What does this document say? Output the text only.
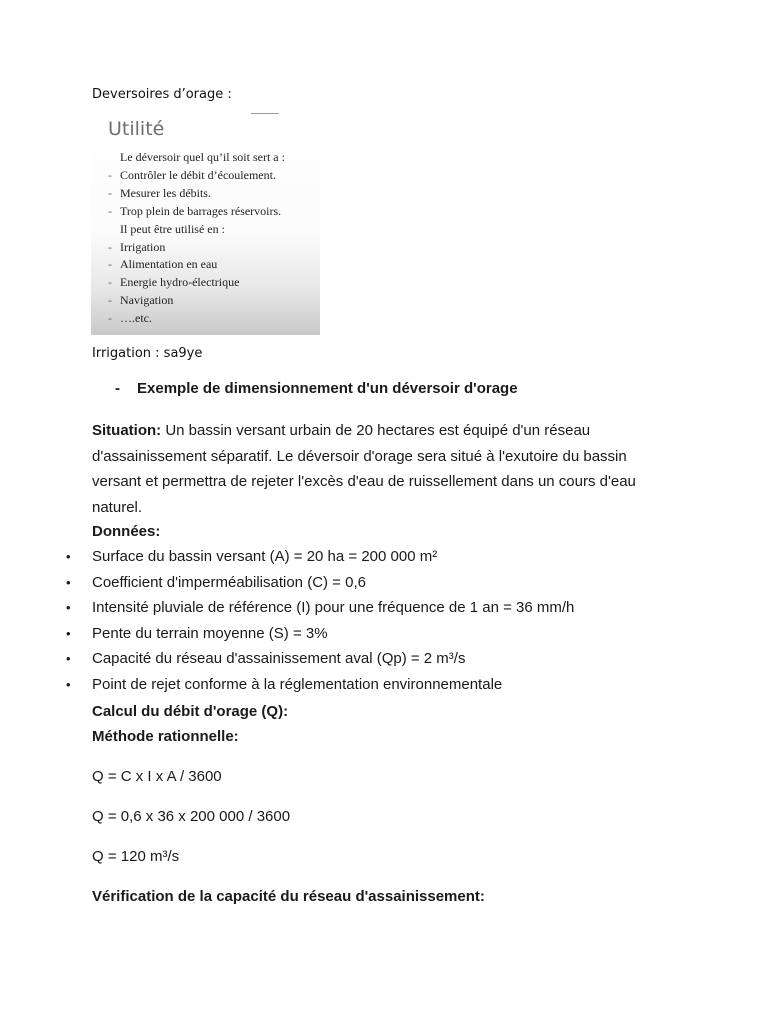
Deversoires d’orage :
Utilité
Le déversoir quel qu’il soit sert a :
- Contrôler le débit d’écoulement.
- Mesurer les débits.
- Trop plein de barrages réservoirs.
Il peut être utilisé en :
- Irrigation
- Alimentation en eau
- Energie hydro-électrique
- Navigation
- ….etc.
Irrigation : sa9ye
- Exemple de dimensionnement d'un déversoir d'orage
Situation: Un bassin versant urbain de 20 hectares est équipé d'un réseau d'assainissement séparatif. Le déversoir d'orage sera situé à l'exutoire du bassin versant et permettra de rejeter l'excès d'eau de ruissellement dans un cours d'eau naturel.
Données:
• Surface du bassin versant (A) = 20 ha = 200 000 m²
• Coefficient d'imperméabilisation (C) = 0,6
• Intensité pluviale de référence (I) pour une fréquence de 1 an = 36 mm/h
• Pente du terrain moyenne (S) = 3%
• Capacité du réseau d'assainissement aval (Qp) = 2 m³/s
• Point de rejet conforme à la réglementation environnementale
Calcul du débit d'orage (Q):
Méthode rationnelle:
Q = C x I x A / 3600
Q = 0,6 x 36 x 200 000 / 3600
Q = 120 m³/s
Vérification de la capacité du réseau d'assainissement:
